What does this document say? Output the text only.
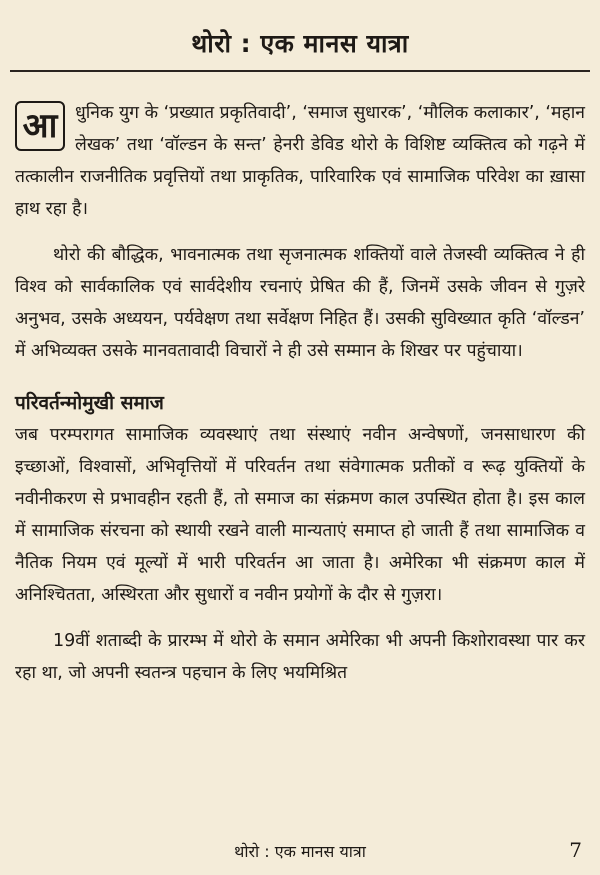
थोरो : एक मानस यात्रा

आ	धुनिक युग के ‘प्रख्यात प्रकृतिवादी’, ‘समाज सुधारक’, ‘मौलिक कलाकार’, ‘महान लेखक’ तथा ‘वॉल्डन के सन्त’ हेनरी डेविड थोरो के विशिष्ट व्यक्तित्व को गढ़ने में तत्कालीन राजनीतिक प्रवृत्तियों तथा प्राकृतिक, पारिवारिक एवं सामाजिक परिवेश का ख़ासा हाथ रहा है।

थोरो की बौद्धिक, भावनात्मक तथा सृजनात्मक शक्तियों वाले तेजस्वी व्यक्तित्व ने ही विश्व को सार्वकालिक एवं सार्वदेशीय रचनाएं प्रेषित की हैं, जिनमें उसके जीवन से गुज़रे अनुभव, उसके अध्ययन, पर्यवेक्षण तथा सर्वेक्षण निहित हैं। उसकी सुविख्यात कृति ‘वॉल्डन’ में अभिव्यक्त उसके मानवतावादी विचारों ने ही उसे सम्मान के शिखर पर पहुंचाया।

परिवर्तन्मोमुखी समाज

जब परम्परागत सामाजिक व्यवस्थाएं तथा संस्थाएं नवीन अन्वेषणों, जनसाधारण की इच्छाओं, विश्वासों, अभिवृत्तियों में परिवर्तन तथा संवेगात्मक प्रतीकों व रूढ़ युक्तियों के नवीनीकरण से प्रभावहीन रहती हैं, तो समाज का संक्रमण काल उपस्थित होता है। इस काल में सामाजिक संरचना को स्थायी रखने वाली मान्यताएं समाप्त हो जाती हैं तथा सामाजिक व नैतिक नियम एवं मूल्यों में भारी परिवर्तन आ जाता है। अमेरिका भी संक्रमण काल में अनिश्चितता, अस्थिरता और सुधारों व नवीन प्रयोगों के दौर से गुज़रा।

19वीं शताब्दी के प्रारम्भ में थोरो के समान अमेरिका भी अपनी किशोरावस्था पार कर रहा था, जो अपनी स्वतन्त्र पहचान के लिए भयमिश्रित

थोरो : एक मानस यात्रा	7
